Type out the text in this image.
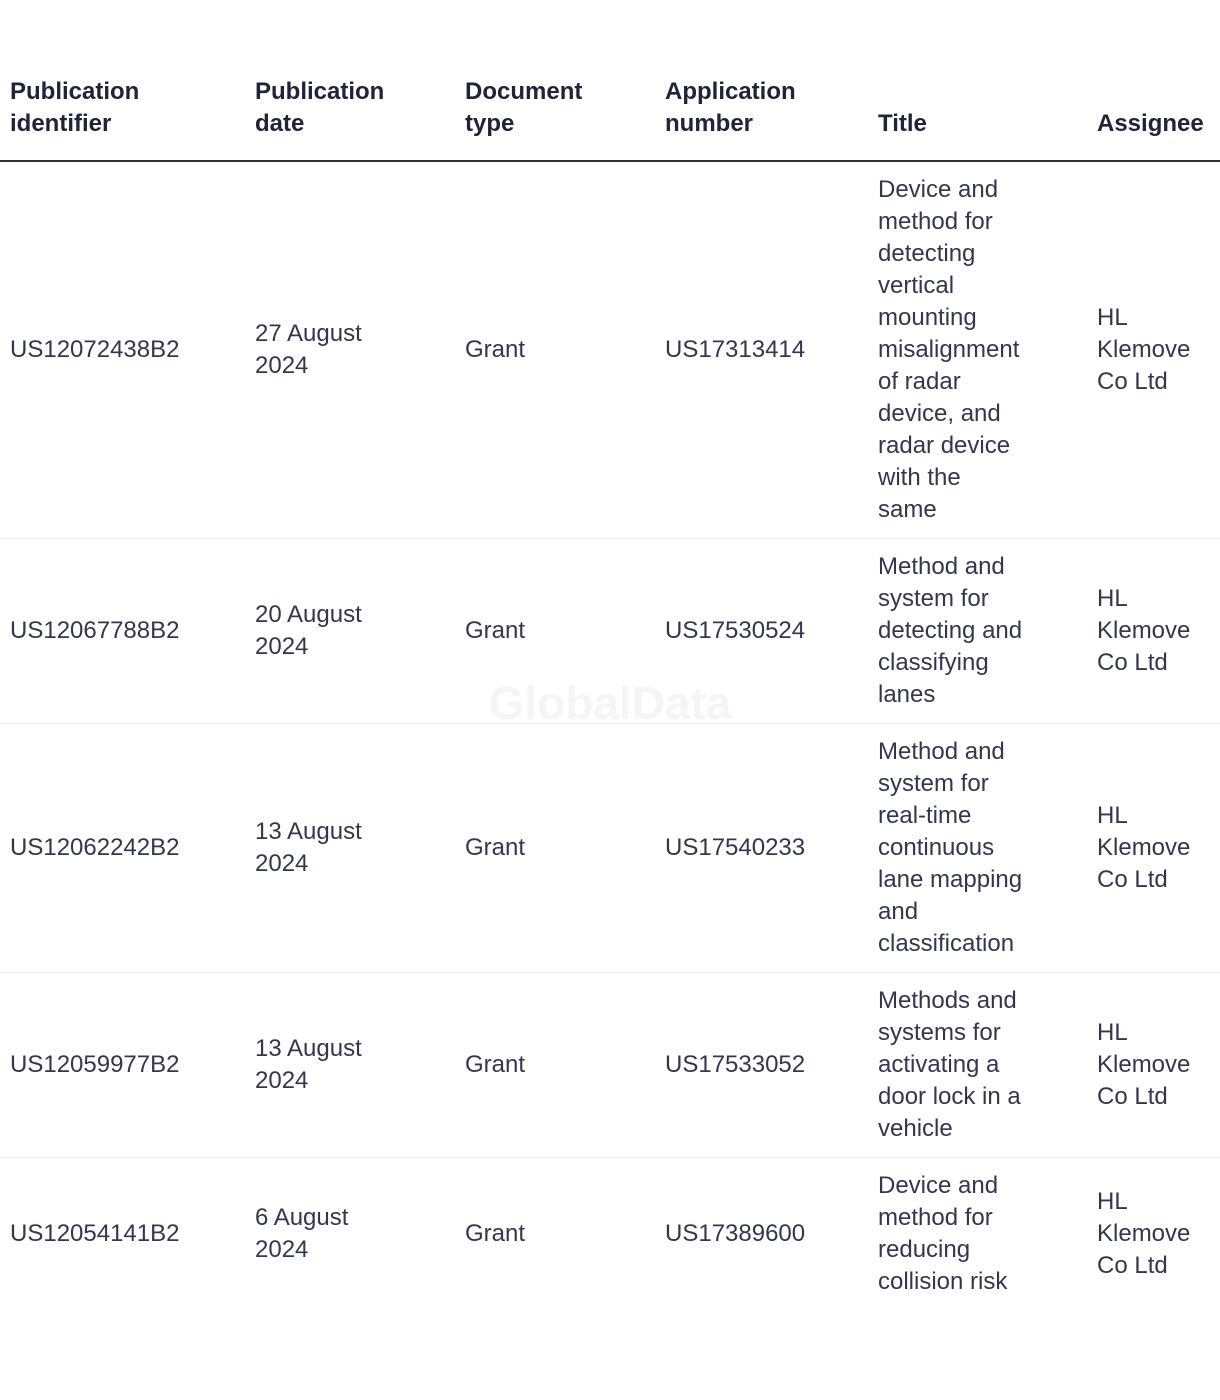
GlobalData
Publication identifier	Publication date	Document type	Application number	Title	Assignee

US12072438B2	27 August 2024	Grant	US17313414	Device and method for detecting vertical mounting misalignment of radar device, and radar device with the same	HL Klemove Co Ltd

US12067788B2	20 August 2024	Grant	US17530524	Method and system for detecting and classifying lanes	HL Klemove Co Ltd

US12062242B2	13 August 2024	Grant	US17540233	Method and system for real-time continuous lane mapping and classification	HL Klemove Co Ltd

US12059977B2	13 August 2024	Grant	US17533052	Methods and systems for activating a door lock in a vehicle	HL Klemove Co Ltd

US12054141B2	6 August 2024	Grant	US17389600	Device and method for reducing collision risk	HL Klemove Co Ltd
